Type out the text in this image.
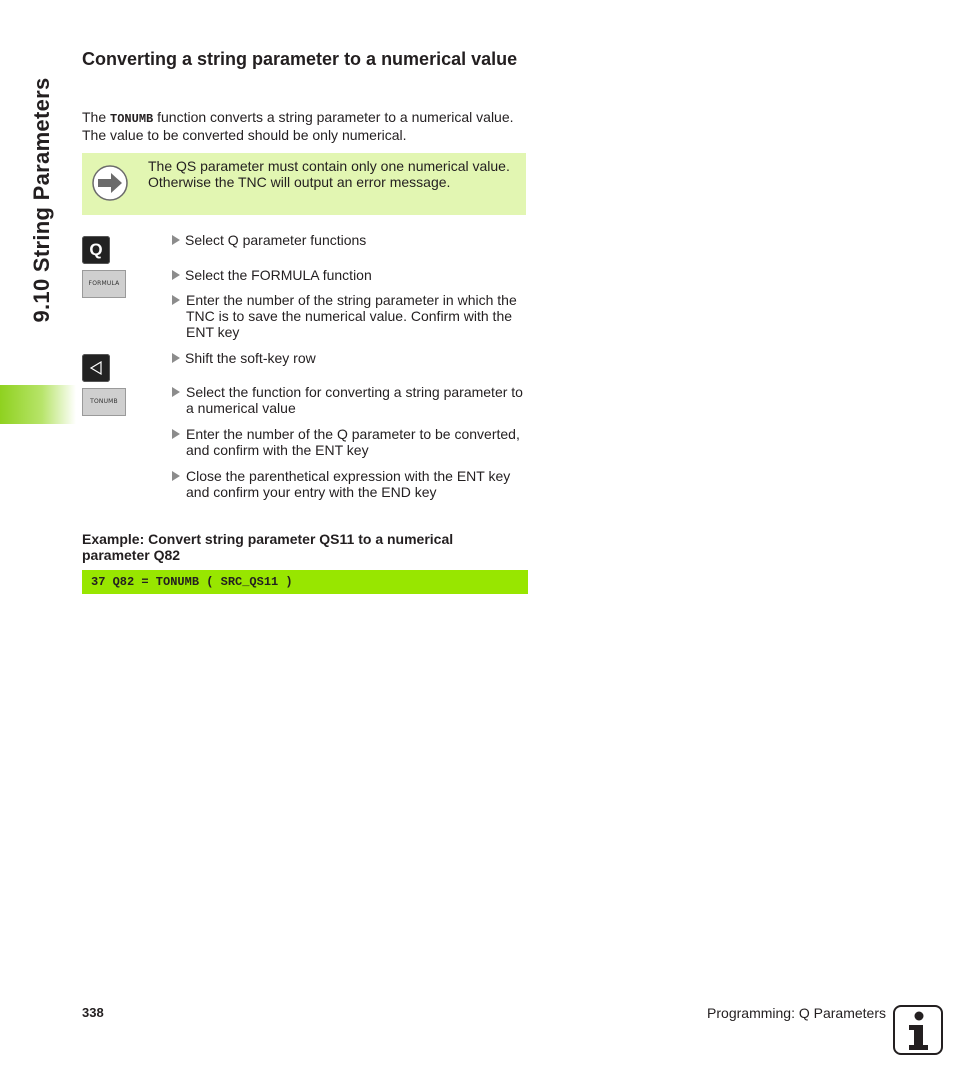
9.10 String Parameters
Converting a string parameter to a numerical value

The TONUMB function converts a string parameter to a numerical value. The value to be converted should be only numerical.

The QS parameter must contain only one numerical value. Otherwise the TNC will output an error message.

Q
FORMULA
TONUMB
Select Q parameter functions
Select the FORMULA function
Enter the number of the string parameter in which the TNC is to save the numerical value. Confirm with the ENT key
Shift the soft-key row
Select the function for converting a string parameter to a numerical value
Enter the number of the Q parameter to be converted, and confirm with the ENT key
Close the parenthetical expression with the ENT key and confirm your entry with the END key

Example: Convert string parameter QS11 to a numerical parameter Q82

37 Q82 = TONUMB ( SRC_QS11 )
338	Programming: Q Parameters
